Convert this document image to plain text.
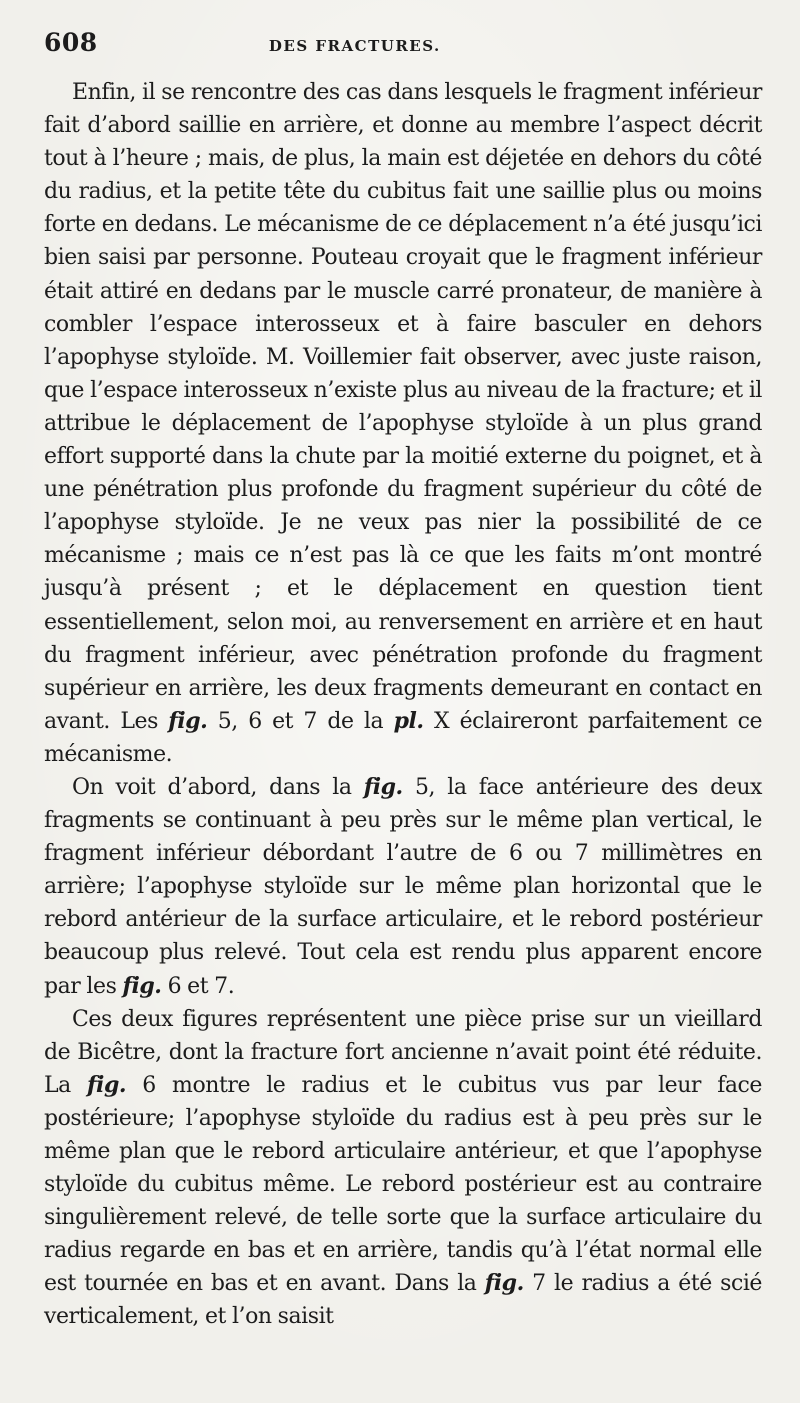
608	DES FRACTURES.

Enfin, il se rencontre des cas dans lesquels le fragment inférieur fait d’abord saillie en arrière, et donne au membre l’aspect décrit tout à l’heure ; mais, de plus, la main est déjetée en dehors du côté du radius, et la petite tête du cubitus fait une saillie plus ou moins forte en dedans. Le mécanisme de ce déplacement n’a été jusqu’ici bien saisi par personne. Pouteau croyait que le fragment inférieur était attiré en dedans par le muscle carré pronateur, de manière à combler l’espace interosseux et à faire basculer en dehors l’apophyse styloïde. M. Voillemier fait observer, avec juste raison, que l’espace interosseux n’existe plus au niveau de la fracture; et il attribue le déplacement de l’apophyse styloïde à un plus grand effort supporté dans la chute par la moitié externe du poignet, et à une pénétration plus profonde du fragment supérieur du côté de l’apophyse styloïde. Je ne veux pas nier la possibilité de ce mécanisme ; mais ce n’est pas là ce que les faits m’ont montré jusqu’à présent ; et le déplacement en question tient essentiellement, selon moi, au renversement en arrière et en haut du fragment inférieur, avec pénétration profonde du fragment supérieur en arrière, les deux fragments demeurant en contact en avant. Les fig. 5, 6 et 7 de la pl. X éclaireront parfaitement ce mécanisme.

On voit d’abord, dans la fig. 5, la face antérieure des deux fragments se continuant à peu près sur le même plan vertical, le fragment inférieur débordant l’autre de 6 ou 7 millimètres en arrière; l’apophyse styloïde sur le même plan horizontal que le rebord antérieur de la surface articulaire, et le rebord postérieur beaucoup plus relevé. Tout cela est rendu plus apparent encore par les fig. 6 et 7.

Ces deux figures représentent une pièce prise sur un vieillard de Bicêtre, dont la fracture fort ancienne n’avait point été réduite. La fig. 6 montre le radius et le cubitus vus par leur face postérieure; l’apophyse styloïde du radius est à peu près sur le même plan que le rebord articulaire antérieur, et que l’apophyse styloïde du cubitus même. Le rebord postérieur est au contraire singulièrement relevé, de telle sorte que la surface articulaire du radius regarde en bas et en arrière, tandis qu’à l’état normal elle est tournée en bas et en avant. Dans la fig. 7 le radius a été scié verticalement, et l’on saisit
